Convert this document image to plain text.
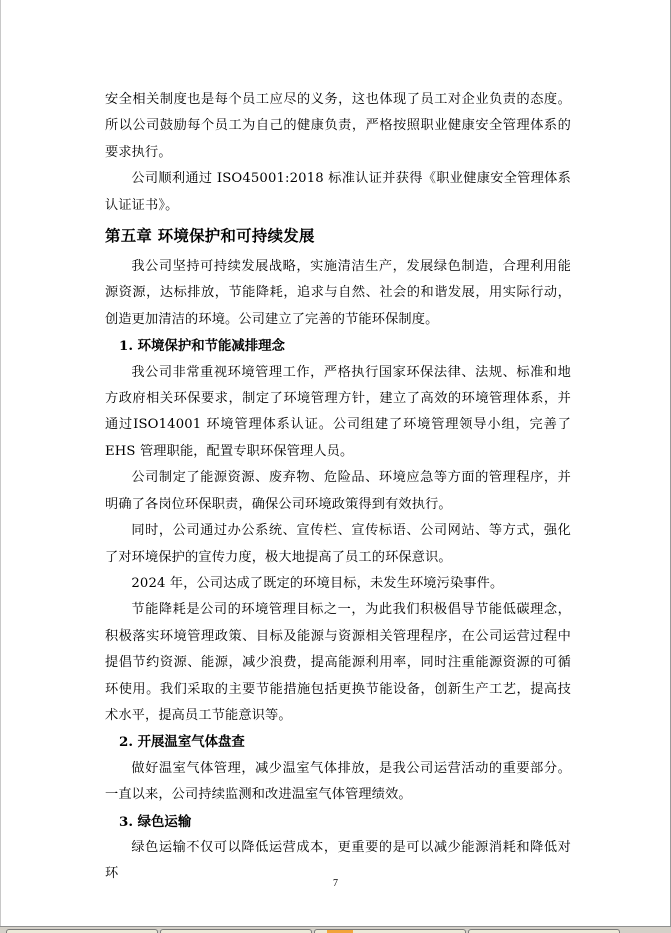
安全相关制度也是每个员工应尽的义务，这也体现了员工对企业负责的态度。所以公司鼓励每个员工为自己的健康负责，严格按照职业健康安全管理体系的要求执行。

公司顺利通过 ISO45001:2018 标准认证并获得《职业健康安全管理体系认证证书》。

第五章 环境保护和可持续发展

我公司坚持可持续发展战略，实施清洁生产，发展绿色制造，合理利用能源资源，达标排放，节能降耗，追求与自然、社会的和谐发展，用实际行动，创造更加清洁的环境。公司建立了完善的节能环保制度。

1. 环境保护和节能减排理念

我公司非常重视环境管理工作，严格执行国家环保法律、法规、标准和地方政府相关环保要求，制定了环境管理方针，建立了高效的环境管理体系，并通过ISO14001 环境管理体系认证。公司组建了环境管理领导小组，完善了 EHS 管理职能，配置专职环保管理人员。

公司制定了能源资源、废弃物、危险品、环境应急等方面的管理程序，并明确了各岗位环保职责，确保公司环境政策得到有效执行。

同时，公司通过办公系统、宣传栏、宣传标语、公司网站、等方式，强化了对环境保护的宣传力度，极大地提高了员工的环保意识。

2024 年，公司达成了既定的环境目标，未发生环境污染事件。

节能降耗是公司的环境管理目标之一，为此我们积极倡导节能低碳理念，积极落实环境管理政策、目标及能源与资源相关管理程序，在公司运营过程中提倡节约资源、能源，减少浪费，提高能源利用率，同时注重能源资源的可循环使用。我们采取的主要节能措施包括更换节能设备，创新生产工艺，提高技术水平，提高员工节能意识等。

2. 开展温室气体盘查

做好温室气体管理，减少温室气体排放，是我公司运营活动的重要部分。一直以来，公司持续监测和改进温室气体管理绩效。

3. 绿色运输

绿色运输不仅可以降低运营成本，更重要的是可以减少能源消耗和降低对环

7
